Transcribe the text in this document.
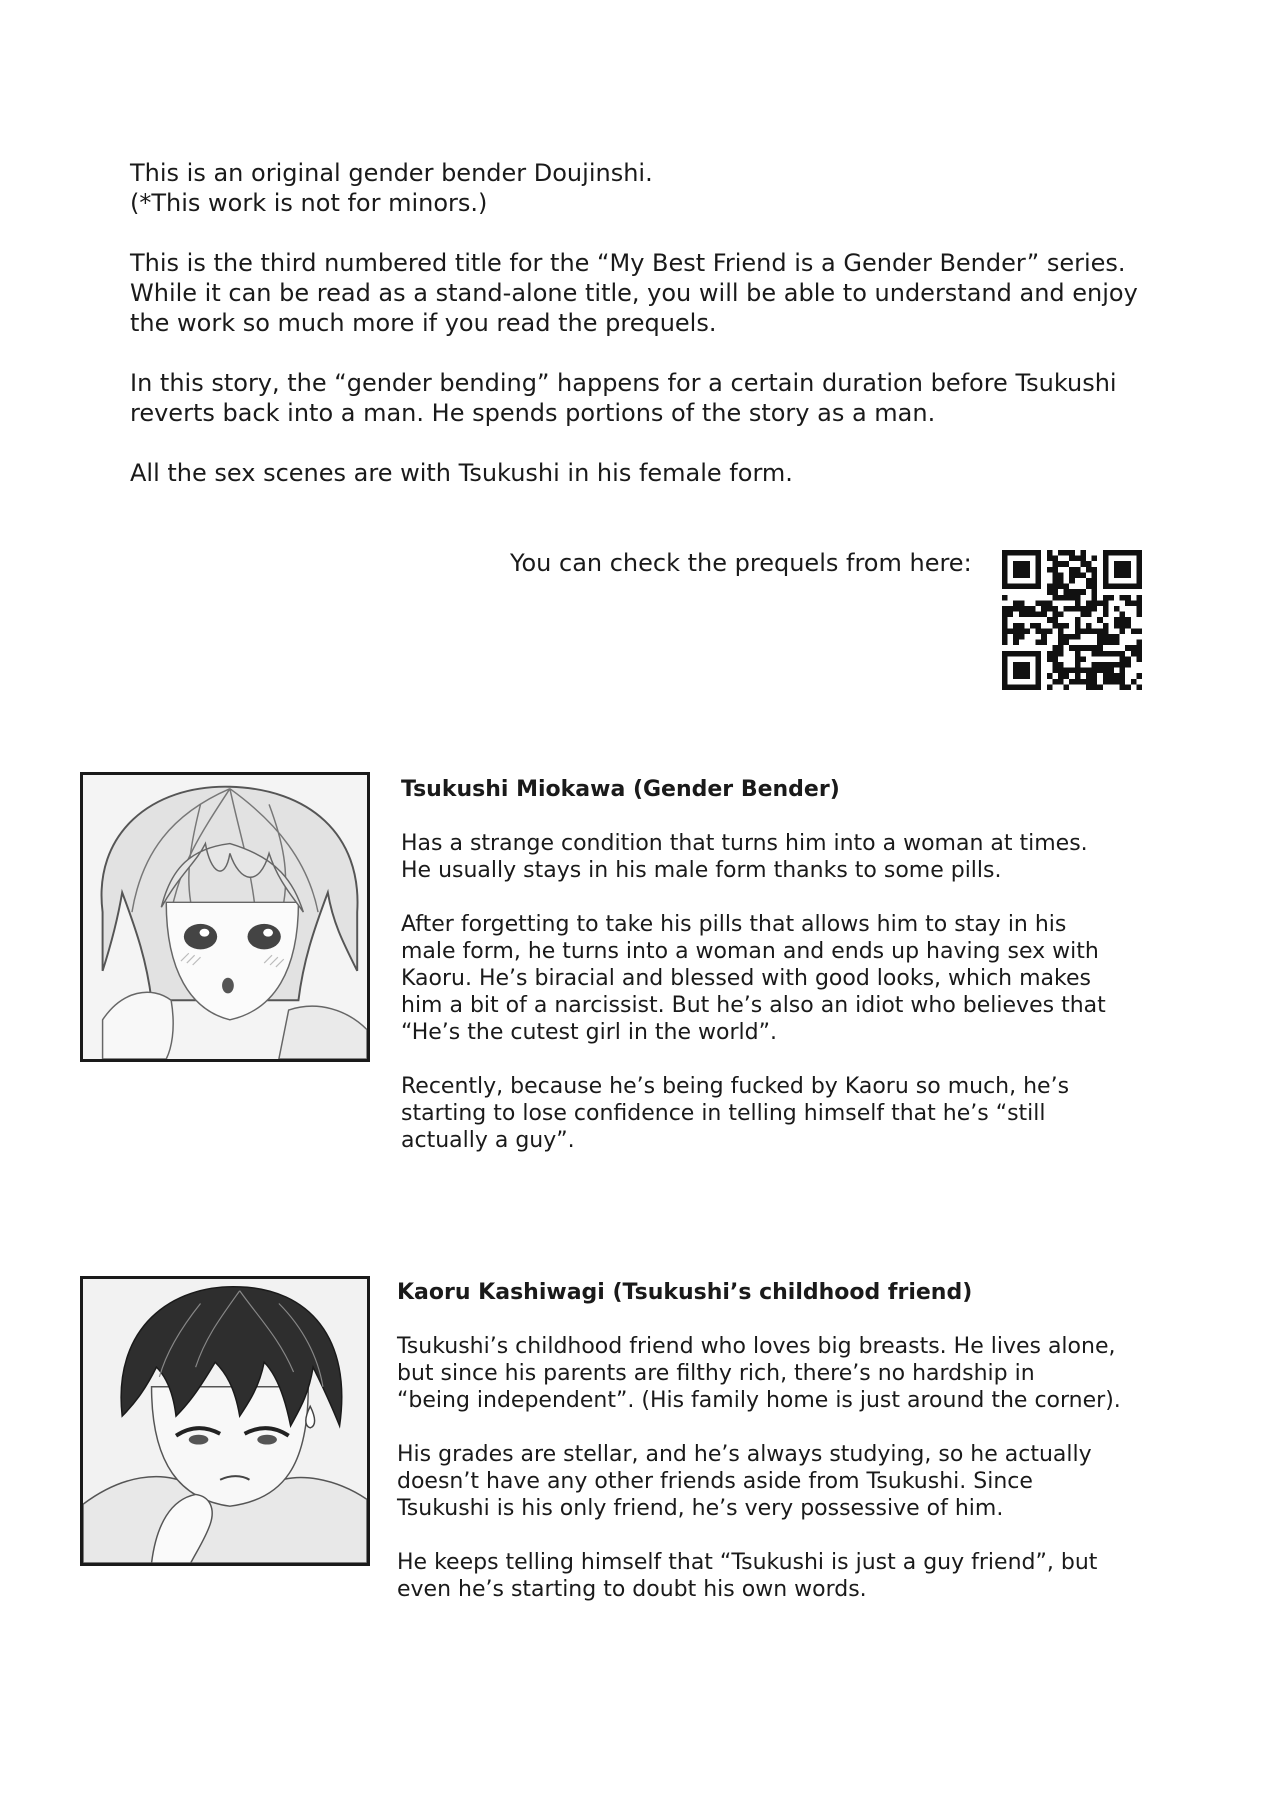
This is an original gender bender Doujinshi.
(*This work is not for minors.)

This is the third numbered title for the “My Best Friend is a Gender Bender” series.
While it can be read as a stand-alone title, you will be able to understand and enjoy
the work so much more if you read the prequels.

In this story, the “gender bending” happens for a certain duration before Tsukushi
reverts back into a man. He spends portions of the story as a man.

All the sex scenes are with Tsukushi in his female form.

You can check the prequels from here:
Tsukushi Miokawa (Gender Bender)

Has a strange condition that turns him into a woman at times.
He usually stays in his male form thanks to some pills.

After forgetting to take his pills that allows him to stay in his
male form, he turns into a woman and ends up having sex with
Kaoru. He’s biracial and blessed with good looks, which makes
him a bit of a narcissist. But he’s also an idiot who believes that
“He’s the cutest girl in the world”.

Recently, because he’s being fucked by Kaoru so much, he’s
starting to lose confidence in telling himself that he’s “still
actually a guy”.

Kaoru Kashiwagi (Tsukushi’s childhood friend)

Tsukushi’s childhood friend who loves big breasts. He lives alone,
but since his parents are filthy rich, there’s no hardship in
“being independent”. (His family home is just around the corner).

His grades are stellar, and he’s always studying, so he actually
doesn’t have any other friends aside from Tsukushi. Since
Tsukushi is his only friend, he’s very possessive of him.

He keeps telling himself that “Tsukushi is just a guy friend”, but
even he’s starting to doubt his own words.
